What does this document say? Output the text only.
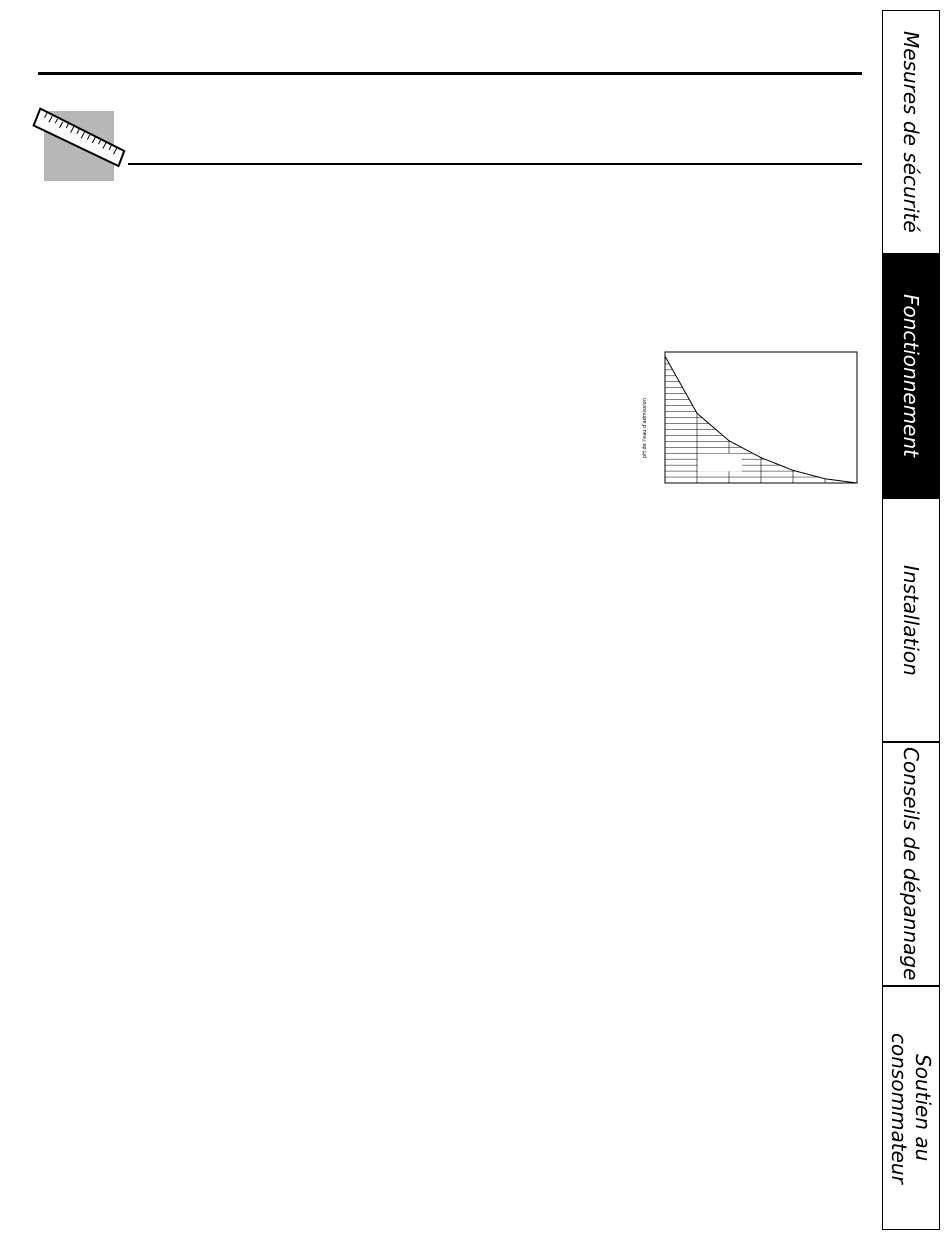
Mesures de sécurité
Fonctionnement
Installation
Conseils de dépannage
Soutien au consommateur
pH de l'eau d'admission
